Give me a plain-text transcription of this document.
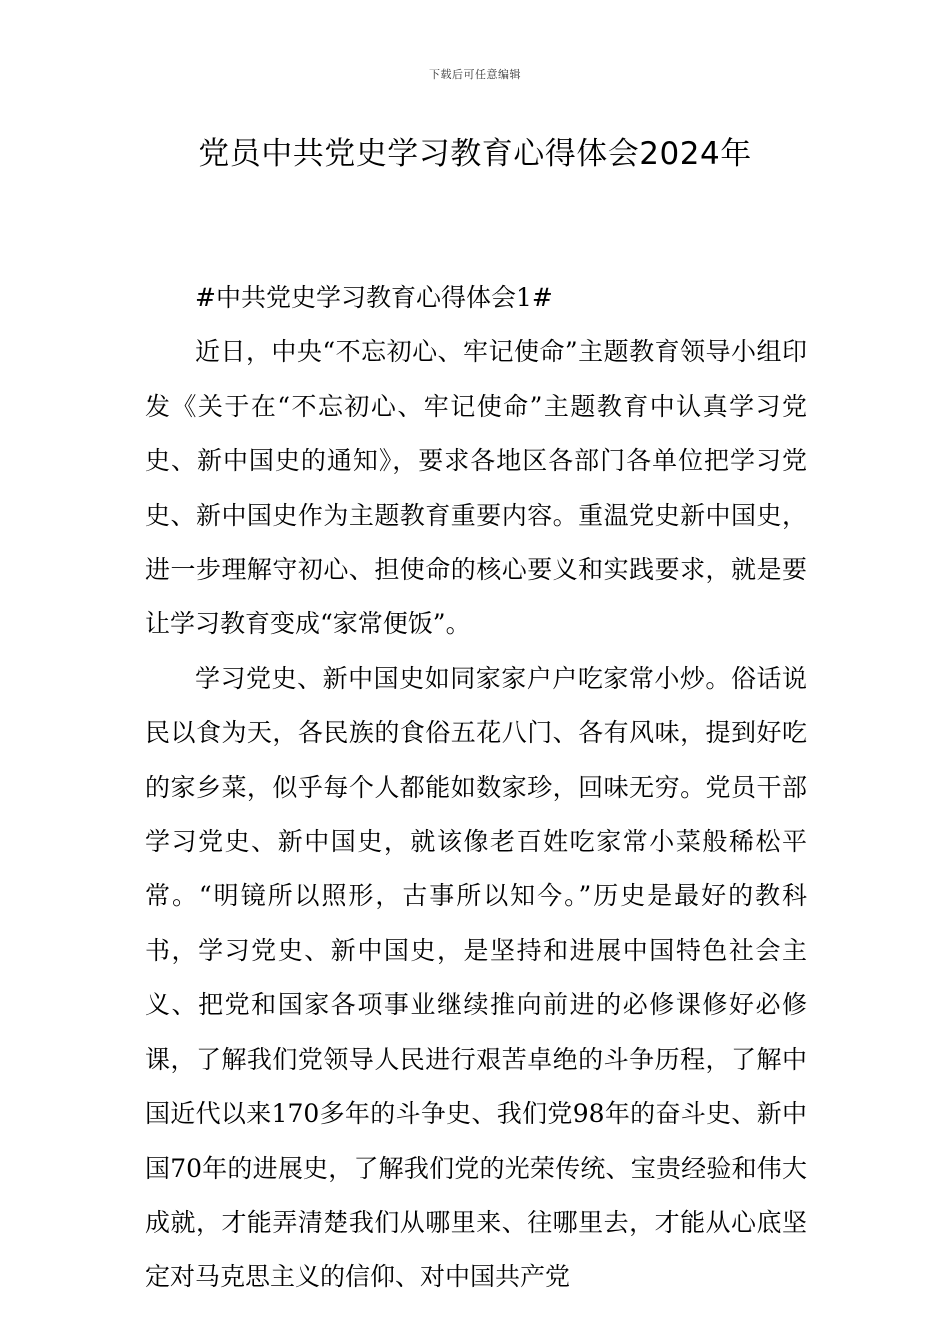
下载后可任意编辑
党员中共党史学习教育心得体会2024年

#中共党史学习教育心得体会1#

近日，中央“不忘初心、牢记使命”主题教育领导小组印发《关于在“不忘初心、牢记使命”主题教育中认真学习党史、新中国史的通知》，要求各地区各部门各单位把学习党史、新中国史作为主题教育重要内容。重温党史新中国史，进一步理解守初心、担使命的核心要义和实践要求，就是要让学习教育变成“家常便饭”。

学习党史、新中国史如同家家户户吃家常小炒。俗话说民以食为天，各民族的食俗五花八门、各有风味，提到好吃的家乡菜，似乎每个人都能如数家珍，回味无穷。党员干部学习党史、新中国史，就该像老百姓吃家常小菜般稀松平常。“明镜所以照形，古事所以知今。”历史是最好的教科书，学习党史、新中国史，是坚持和进展中国特色社会主义、把党和国家各项事业继续推向前进的必修课修好必修课，了解我们党领导人民进行艰苦卓绝的斗争历程，了解中国近代以来170多年的斗争史、我们党98年的奋斗史、新中国70年的进展史，了解我们党的光荣传统、宝贵经验和伟大成就，才能弄清楚我们从哪里来、往哪里去，才能从心底坚定对马克思主义的信仰、对中国共产党
